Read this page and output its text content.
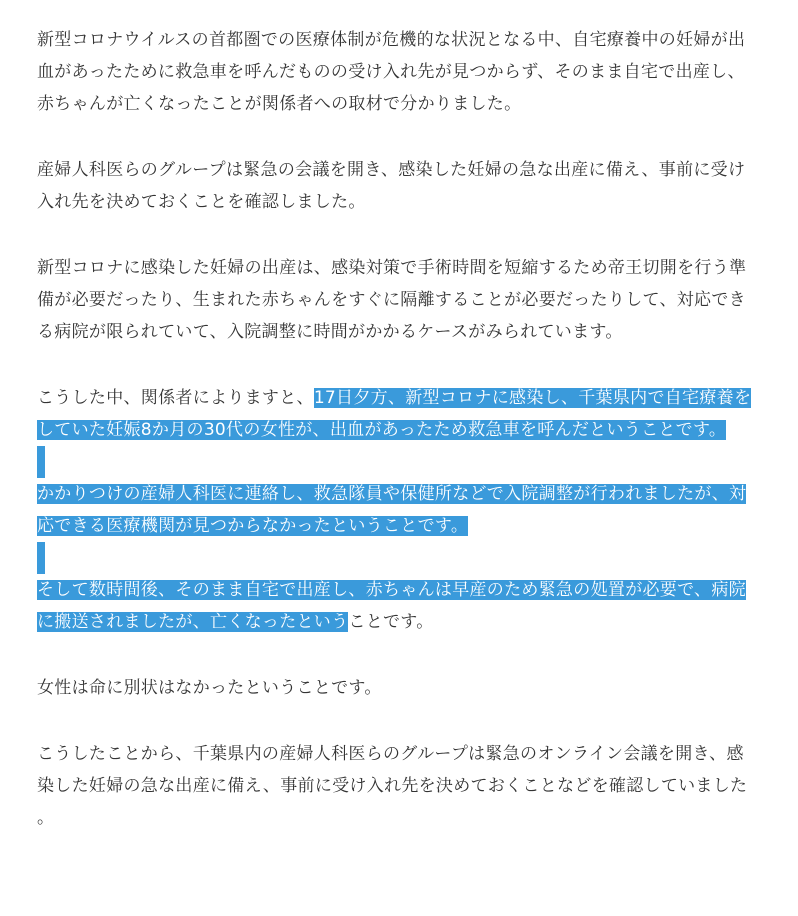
新型コロナウイルスの首都圏での医療体制が危機的な状況となる中、自宅療養中の妊婦が出血があったために救急車を呼んだものの受け入れ先が見つからず、そのまま自宅で出産し、赤ちゃんが亡くなったことが関係者への取材で分かりました。

産婦人科医らのグループは緊急の会議を開き、感染した妊婦の急な出産に備え、事前に受け入れ先を決めておくことを確認しました。

新型コロナに感染した妊婦の出産は、感染対策で手術時間を短縮するため帝王切開を行う準備が必要だったり、生まれた赤ちゃんをすぐに隔離することが必要だったりして、対応できる病院が限られていて、入院調整に時間がかかるケースがみられています。

こうした中、関係者によりますと、17日夕方、新型コロナに感染し、千葉県内で自宅療養をしていた妊娠8か月の30代の女性が、出血があったため救急車を呼んだということです。

かかりつけの産婦人科医に連絡し、救急隊員や保健所などで入院調整が行われましたが、対応できる医療機関が見つからなかったということです。

そして数時間後、そのまま自宅で出産し、赤ちゃんは早産のため緊急の処置が必要で、病院に搬送されましたが、亡くなったということです。

女性は命に別状はなかったということです。

こうしたことから、千葉県内の産婦人科医らのグループは緊急のオンライン会議を開き、感染した妊婦の急な出産に備え、事前に受け入れ先を決めておくことなどを確認していました。
